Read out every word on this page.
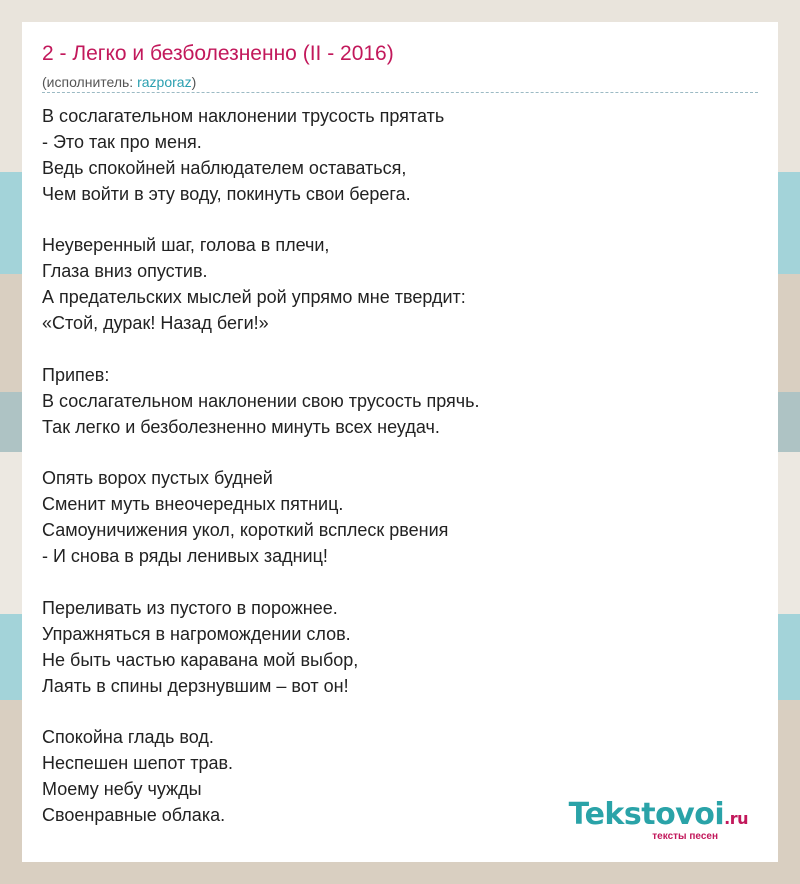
2 - Легко и безболезненно (II - 2016)
(исполнитель: razporaz)
В сослагательном наклонении трусость прятать
- Это так про меня.
Ведь спокойней наблюдателем оставаться,
Чем войти в эту воду, покинуть свои берега.
Неуверенный шаг, голова в плечи,
Глаза вниз опустив.
А предательских мыслей рой упрямо мне твердит:
«Стой, дурак! Назад беги!»
Припев:
В сослагательном наклонении свою трусость прячь.
Так легко и безболезненно минуть всех неудач.
Опять ворох пустых будней
Сменит муть внеочередных пятниц.
Самоуничижения укол, короткий всплеск рвения
- И снова в ряды ленивых задниц!
Переливать из пустого в порожнее.
Упражняться в нагромождении слов.
Не быть частью каравана мой выбор,
Лаять в спины дерзнувшим – вот он!
Спокойна гладь вод.
Неспешен шепот трав.
Моему небу чужды
Своенравные облака.	Tekstovoi.ru
тексты песен
